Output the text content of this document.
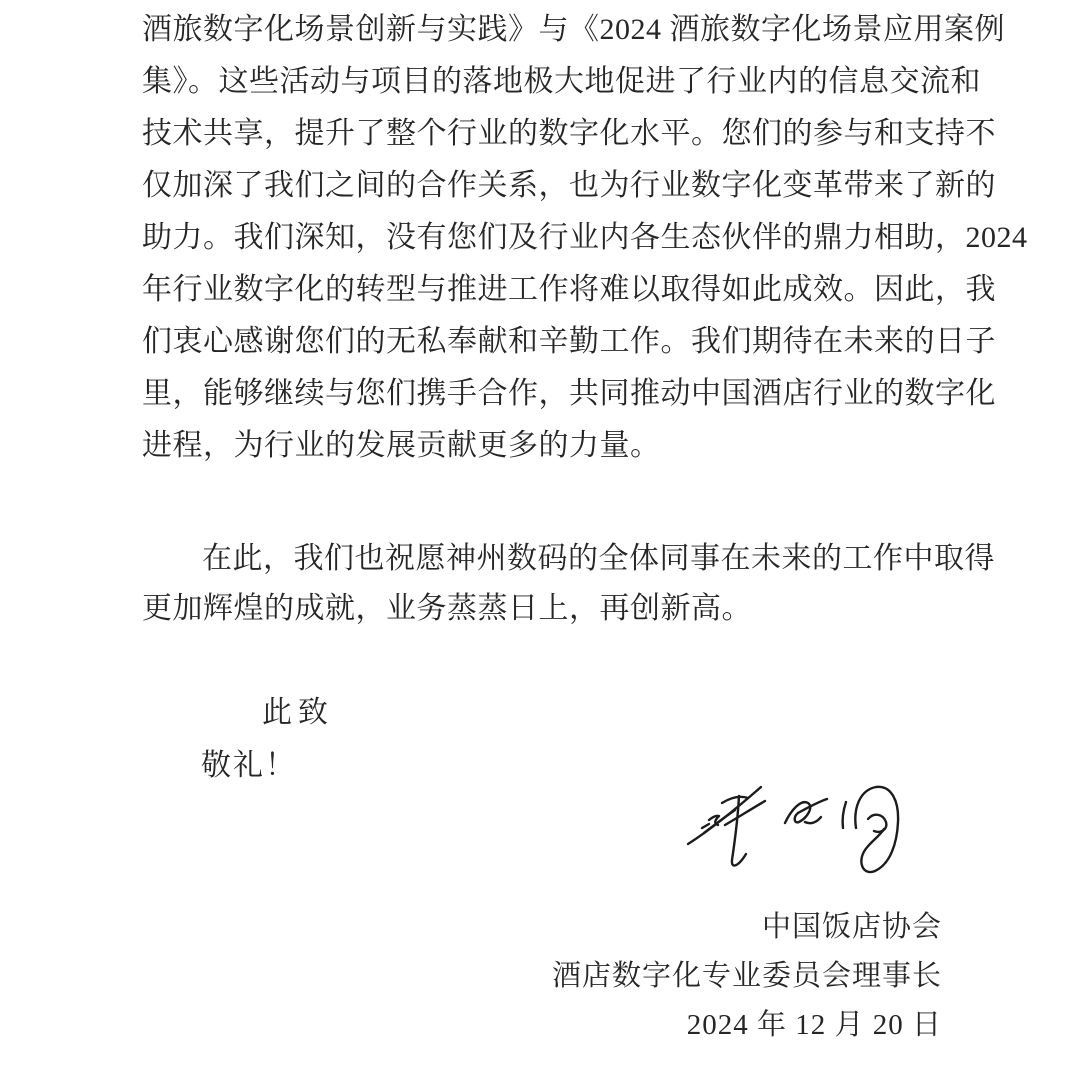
酒旅数字化场景创新与实践》与《2024 酒旅数字化场景应用案例
集》。这些活动与项目的落地极大地促进了行业内的信息交流和
技术共享，提升了整个行业的数字化水平。您们的参与和支持不
仅加深了我们之间的合作关系，也为行业数字化变革带来了新的
助力。我们深知，没有您们及行业内各生态伙伴的鼎力相助，2024
年行业数字化的转型与推进工作将难以取得如此成效。因此，我
们衷心感谢您们的无私奉献和辛勤工作。我们期待在未来的日子
里，能够继续与您们携手合作，共同推动中国酒店行业的数字化
进程，为行业的发展贡献更多的力量。
在此，我们也祝愿神州数码的全体同事在未来的工作中取得
更加辉煌的成就，业务蒸蒸日上，再创新高。
此致
敬礼！
中国饭店协会
酒店数字化专业委员会理事长
2024 年 12 月 20 日
